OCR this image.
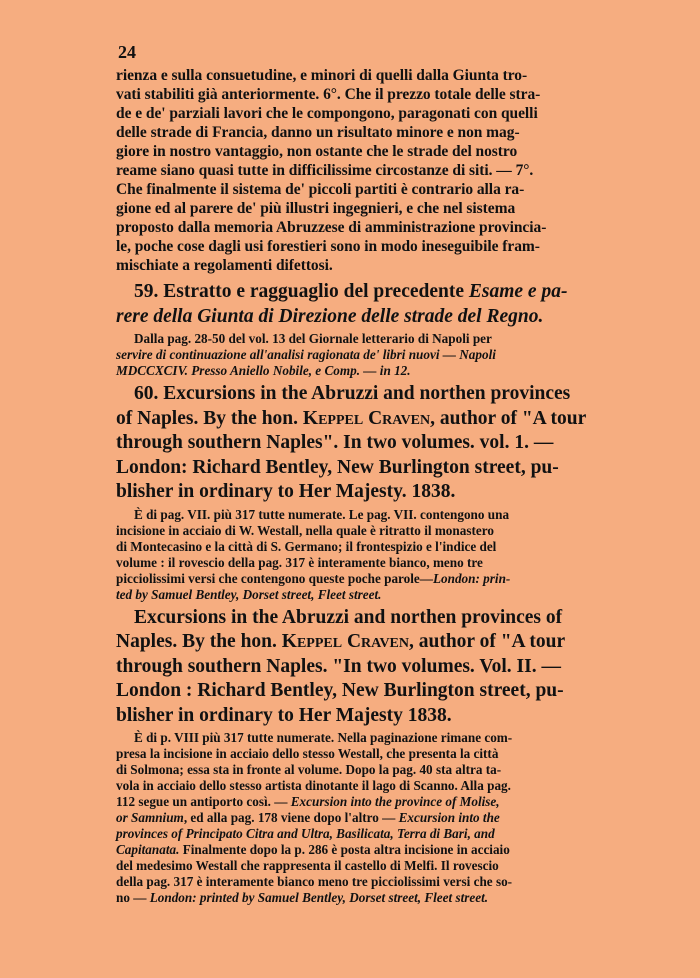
24
rienza e sulla consuetudine, e minori di quelli dalla Giunta tro-
vati stabiliti già anteriormente. 6°. Che il prezzo totale delle stra-
de e de' parziali lavori che le compongono, paragonati con quelli
delle strade di Francia, danno un risultato minore e non mag-
giore in nostro vantaggio, non ostante che le strade del nostro
reame siano quasi tutte in difficilissime circostanze di siti. — 7°.
Che finalmente il sistema de' piccoli partiti è contrario alla ra-
gione ed al parere de' più illustri ingegnieri, e che nel sistema
proposto dalla memoria Abruzzese di amministrazione provincia-
le, poche cose dagli usi forestieri sono in modo ineseguibile fram-
mischiate a regolamenti difettosi.
59. Estratto e ragguaglio del precedente Esame e pa-
rere della Giunta di Direzione delle strade del Regno.
Dalla pag. 28-50 del vol. 13 del Giornale letterario di Napoli per
servire di continuazione all'analisi ragionata de' libri nuovi — Napoli
MDCCXCIV. Presso Aniello Nobile, e Comp. — in 12.
60. Excursions in the Abruzzi and northen provinces
of Naples. By the hon. Keppel Craven, author of "A tour
through southern Naples". In two volumes. vol. 1. —
London: Richard Bentley, New Burlington street, pu-
blisher in ordinary to Her Majesty. 1838.
È di pag. VII. più 317 tutte numerate. Le pag. VII. contengono una
incisione in acciaio di W. Westall, nella quale è ritratto il monastero
di Montecasino e la città di S. Germano; il frontespizio e l'indice del
volume : il rovescio della pag. 317 è interamente bianco, meno tre
picciolissimi versi che contengono queste poche parole—London: prin-
ted by Samuel Bentley, Dorset street, Fleet street.
Excursions in the Abruzzi and northen provinces of
Naples. By the hon. Keppel Craven, author of "A tour
through southern Naples. "In two volumes. Vol. II. —
London : Richard Bentley, New Burlington street, pu-
blisher in ordinary to Her Majesty 1838.
È di p. VIII più 317 tutte numerate. Nella paginazione rimane com-
presa la incisione in acciaio dello stesso Westall, che presenta la città
di Solmona; essa sta in fronte al volume. Dopo la pag. 40 sta altra ta-
vola in acciaio dello stesso artista dinotante il lago di Scanno. Alla pag.
112 segue un antiporto così. — Excursion into the province of Molise,
or Samnium, ed alla pag. 178 viene dopo l'altro — Excursion into the
provinces of Principato Citra and Ultra, Basilicata, Terra di Bari, and
Capitanata. Finalmente dopo la p. 286 è posta altra incisione in acciaio
del medesimo Westall che rappresenta il castello di Melfi. Il rovescio
della pag. 317 è interamente bianco meno tre picciolissimi versi che so-
no — London: printed by Samuel Bentley, Dorset street, Fleet street.
